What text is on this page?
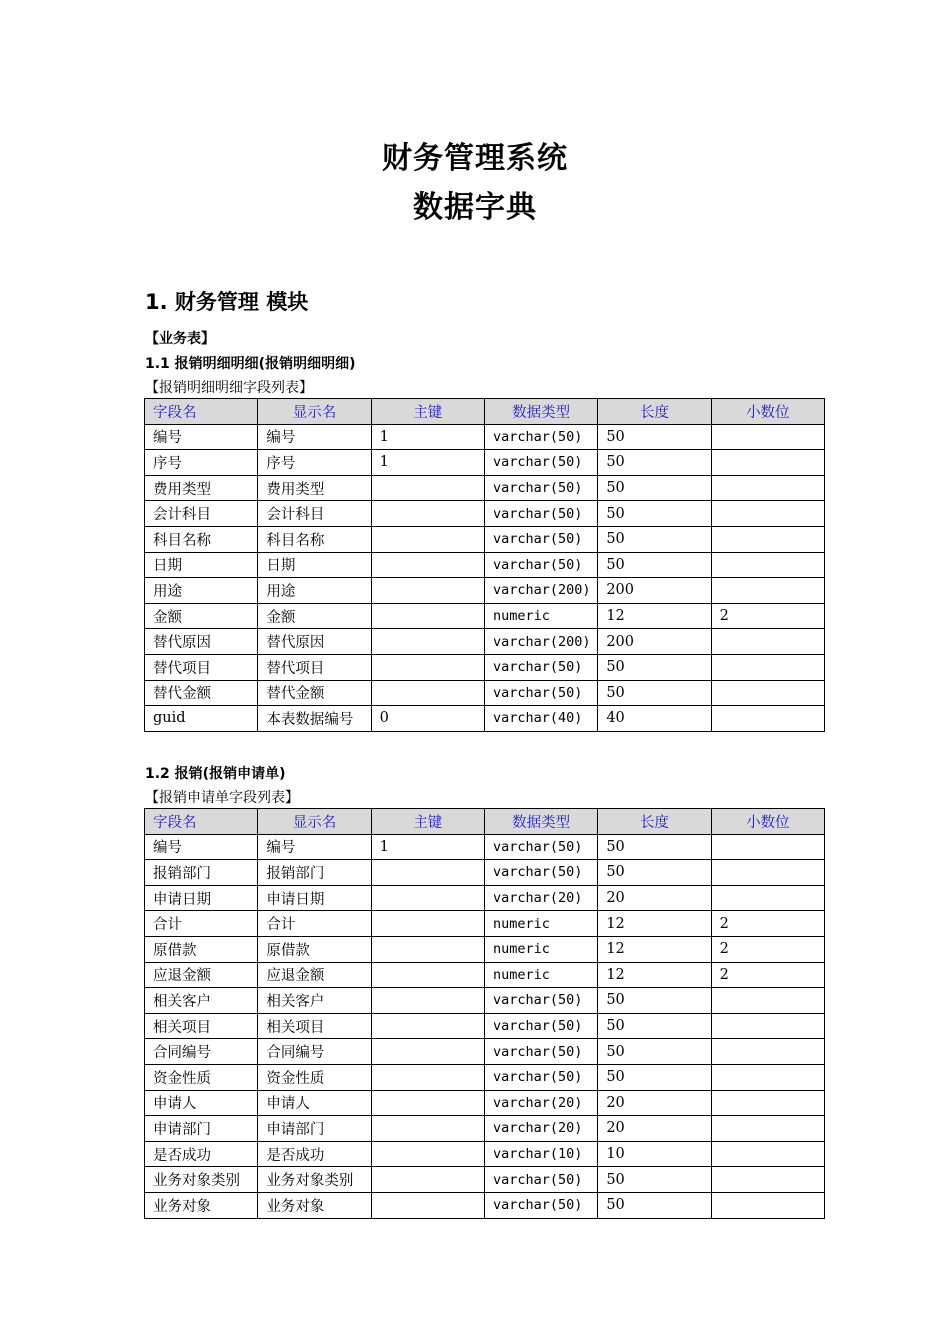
财务管理系统
数据字典
1. 财务管理 模块
【业务表】
1.1 报销明细明细(报销明细明细)
【报销明细明细字段列表】
字段名	显示名	主键	数据类型	长度	小数位
编号	编号	1	varchar(50)	50	
序号	序号	1	varchar(50)	50	
费用类型	费用类型		varchar(50)	50	
会计科目	会计科目		varchar(50)	50	
科目名称	科目名称		varchar(50)	50	
日期	日期		varchar(50)	50	
用途	用途		varchar(200)	200	
金额	金额		numeric	12	2
替代原因	替代原因		varchar(200)	200	
替代项目	替代项目		varchar(50)	50	
替代金额	替代金额		varchar(50)	50	
guid	本表数据编号	0	varchar(40)	40	
1.2 报销(报销申请单)
【报销申请单字段列表】
字段名	显示名	主键	数据类型	长度	小数位
编号	编号	1	varchar(50)	50	
报销部门	报销部门		varchar(50)	50	
申请日期	申请日期		varchar(20)	20	
合计	合计		numeric	12	2
原借款	原借款		numeric	12	2
应退金额	应退金额		numeric	12	2
相关客户	相关客户		varchar(50)	50	
相关项目	相关项目		varchar(50)	50	
合同编号	合同编号		varchar(50)	50	
资金性质	资金性质		varchar(50)	50	
申请人	申请人		varchar(20)	20	
申请部门	申请部门		varchar(20)	20	
是否成功	是否成功		varchar(10)	10	
业务对象类别	业务对象类别		varchar(50)	50	
业务对象	业务对象		varchar(50)	50	
